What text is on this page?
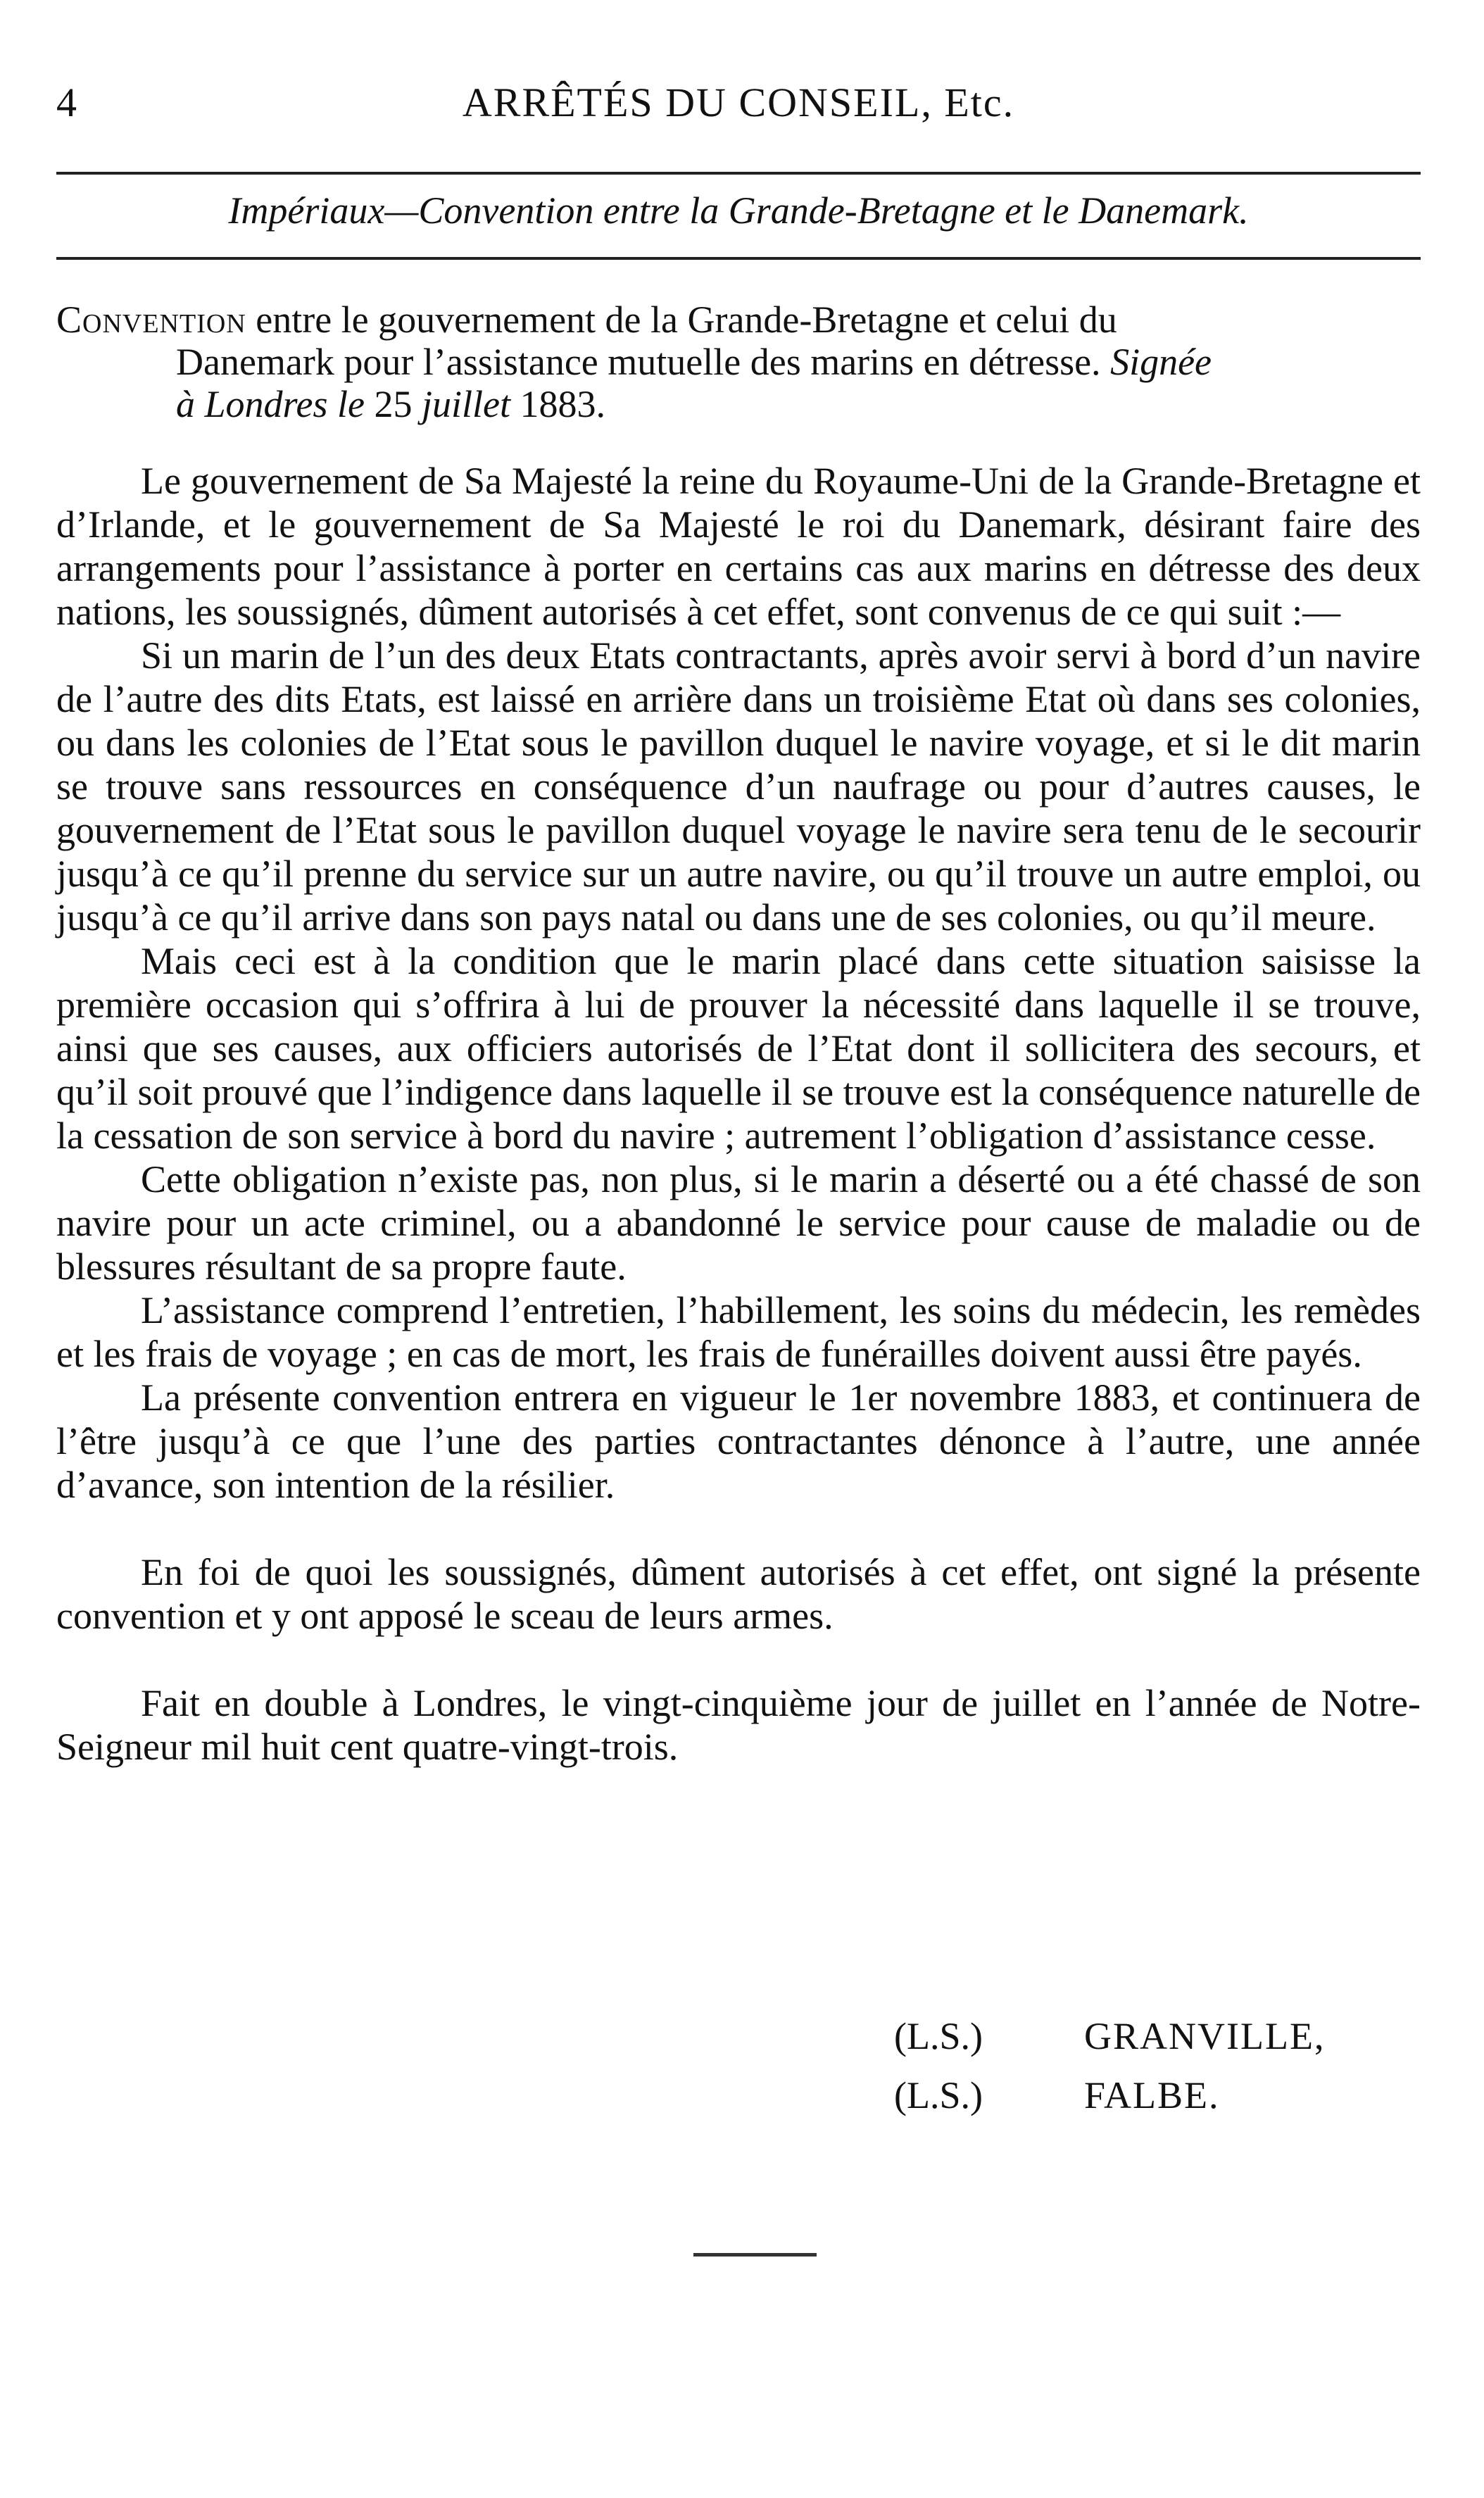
4	ARRÊTÉS DU CONSEIL, Etc.
Impériaux—Convention entre la Grande-Bretagne et le Danemark.
Convention entre le gouvernement de la Grande-Bretagne et celui du
Danemark pour l’assistance mutuelle des marins en détresse. Signée
à Londres le 25 juillet 1883.

Le gouvernement de Sa Majesté la reine du Royaume-Uni de la Grande-Bretagne et d’Irlande, et le gouvernement de Sa Majesté le roi du Danemark, désirant faire des arrangements pour l’assistance à porter en certains cas aux marins en détresse des deux nations, les soussignés, dûment autorisés à cet effet, sont convenus de ce qui suit :—

Si un marin de l’un des deux Etats contractants, après avoir servi à bord d’un navire de l’autre des dits Etats, est laissé en arrière dans un troisième Etat où dans ses colonies, ou dans les colonies de l’Etat sous le pavillon duquel le navire voyage, et si le dit marin se trouve sans ressources en conséquence d’un naufrage ou pour d’autres causes, le gouvernement de l’Etat sous le pavillon duquel voyage le navire sera tenu de le secourir jusqu’à ce qu’il prenne du service sur un autre navire, ou qu’il trouve un autre emploi, ou jusqu’à ce qu’il arrive dans son pays natal ou dans une de ses colonies, ou qu’il meure.

Mais ceci est à la condition que le marin placé dans cette situation saisisse la première occasion qui s’offrira à lui de prouver la nécessité dans laquelle il se trouve, ainsi que ses causes, aux officiers autorisés de l’Etat dont il sollicitera des secours, et qu’il soit prouvé que l’indigence dans laquelle il se trouve est la conséquence naturelle de la cessation de son service à bord du navire ; autrement l’obligation d’assistance cesse.

Cette obligation n’existe pas, non plus, si le marin a déserté ou a été chassé de son navire pour un acte criminel, ou a abandonné le service pour cause de maladie ou de blessures résultant de sa propre faute.

L’assistance comprend l’entretien, l’habillement, les soins du médecin, les remèdes et les frais de voyage ; en cas de mort, les frais de funérailles doivent aussi être payés.

La présente convention entrera en vigueur le 1er novembre 1883, et continuera de l’être jusqu’à ce que l’une des parties contractantes dénonce à l’autre, une année d’avance, son intention de la résilier.

En foi de quoi les soussignés, dûment autorisés à cet effet, ont signé la présente convention et y ont apposé le sceau de leurs armes.

Fait en double à Londres, le vingt-cinquième jour de juillet en l’année de Notre-Seigneur mil huit cent quatre-vingt-trois.

(L.S.)	GRANVILLE,
(L.S.)	FALBE.
